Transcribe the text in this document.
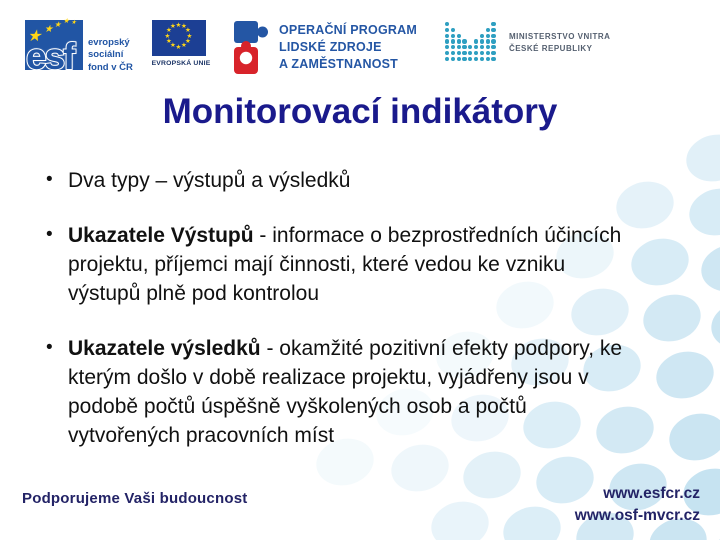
★
★
★
★
★
esf evropský
sociální
fond v ČR
★
★
★
★
★
★
★
★
★
★
★
★	EVROPSKÁ UNIE
OPERAČNÍ PROGRAM
LIDSKÉ ZDROJE
A ZAMĚSTNANOST
MINISTERSTVO VNITRA
ČESKÉ REPUBLIKY
Monitorovací indikátory
• Dva typy – výstupů a výsledků
• Ukazatele Výstupů - informace o bezprostředních účincích projektu, příjemci mají činnosti, které vedou ke vzniku výstupů plně pod kontrolou
• Ukazatele výsledků - okamžité pozitivní efekty podpory, ke kterým došlo v době realizace projektu, vyjádřeny jsou v podobě počtů úspěšně vyškolených osob a počtů vytvořených pracovních míst
Podporujeme Vaši budoucnost	www.esfcr.cz
www.osf-mvcr.cz
